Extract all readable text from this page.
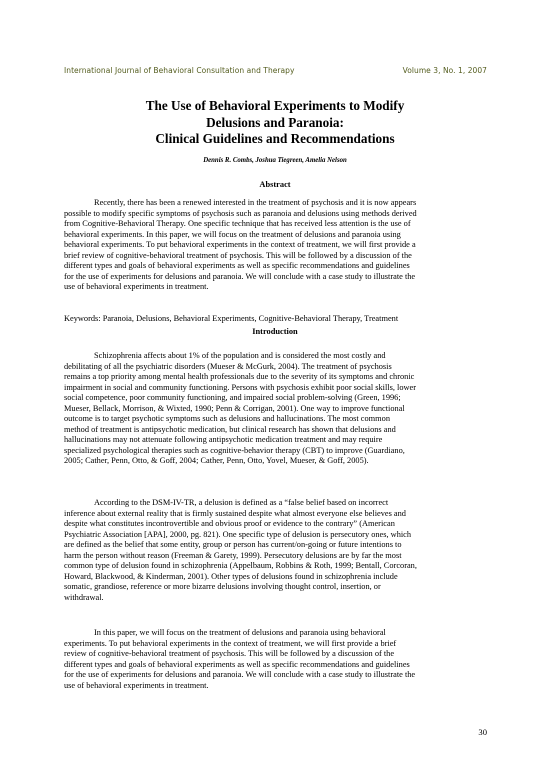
International Journal of Behavioral Consultation and Therapy	Volume 3, No. 1, 2007
The Use of Behavioral Experiments to Modify
Delusions and Paranoia:
Clinical Guidelines and Recommendations
Dennis R. Combs, Joshua Tiegreen, Amelia Nelson
Abstract

Recently, there has been a renewed interested in the treatment of psychosis and it is now appears
possible to modify specific symptoms of psychosis such as paranoia and delusions using methods derived
from Cognitive-Behavioral Therapy. One specific technique that has received less attention is the use of
behavioral experiments. In this paper, we will focus on the treatment of delusions and paranoia using
behavioral experiments. To put behavioral experiments in the context of treatment, we will first provide a
brief review of cognitive-behavioral treatment of psychosis. This will be followed by a discussion of the
different types and goals of behavioral experiments as well as specific recommendations and guidelines
for the use of experiments for delusions and paranoia. We will conclude with a case study to illustrate the
use of behavioral experiments in treatment.

Keywords: Paranoia, Delusions, Behavioral Experiments, Cognitive-Behavioral Therapy, Treatment

Introduction

Schizophrenia affects about 1% of the population and is considered the most costly and
debilitating of all the psychiatric disorders (Mueser & McGurk, 2004). The treatment of psychosis
remains a top priority among mental health professionals due to the severity of its symptoms and chronic
impairment in social and community functioning. Persons with psychosis exhibit poor social skills, lower
social competence, poor community functioning, and impaired social problem-solving (Green, 1996;
Mueser, Bellack, Morrison, & Wixted, 1990; Penn & Corrigan, 2001). One way to improve functional
outcome is to target psychotic symptoms such as delusions and hallucinations. The most common
method of treatment is antipsychotic medication, but clinical research has shown that delusions and
hallucinations may not attenuate following antipsychotic medication treatment and may require
specialized psychological therapies such as cognitive-behavior therapy (CBT) to improve (Guardiano,
2005; Cather, Penn, Otto, & Goff, 2004; Cather, Penn, Otto, Yovel, Mueser, & Goff, 2005).

According to the DSM-IV-TR, a delusion is defined as a “false belief based on incorrect
inference about external reality that is firmly sustained despite what almost everyone else believes and
despite what constitutes incontrovertible and obvious proof or evidence to the contrary” (American
Psychiatric Association [APA], 2000, pg. 821). One specific type of delusion is persecutory ones, which
are defined as the belief that some entity, group or person has current/on-going or future intentions to
harm the person without reason (Freeman & Garety, 1999). Persecutory delusions are by far the most
common type of delusion found in schizophrenia (Appelbaum, Robbins & Roth, 1999; Bentall, Corcoran,
Howard, Blackwood, & Kinderman, 2001). Other types of delusions found in schizophrenia include
somatic, grandiose, reference or more bizarre delusions involving thought control, insertion, or
withdrawal.

In this paper, we will focus on the treatment of delusions and paranoia using behavioral
experiments. To put behavioral experiments in the context of treatment, we will first provide a brief
review of cognitive-behavioral treatment of psychosis. This will be followed by a discussion of the
different types and goals of behavioral experiments as well as specific recommendations and guidelines
for the use of experiments for delusions and paranoia. We will conclude with a case study to illustrate the
use of behavioral experiments in treatment.

30
